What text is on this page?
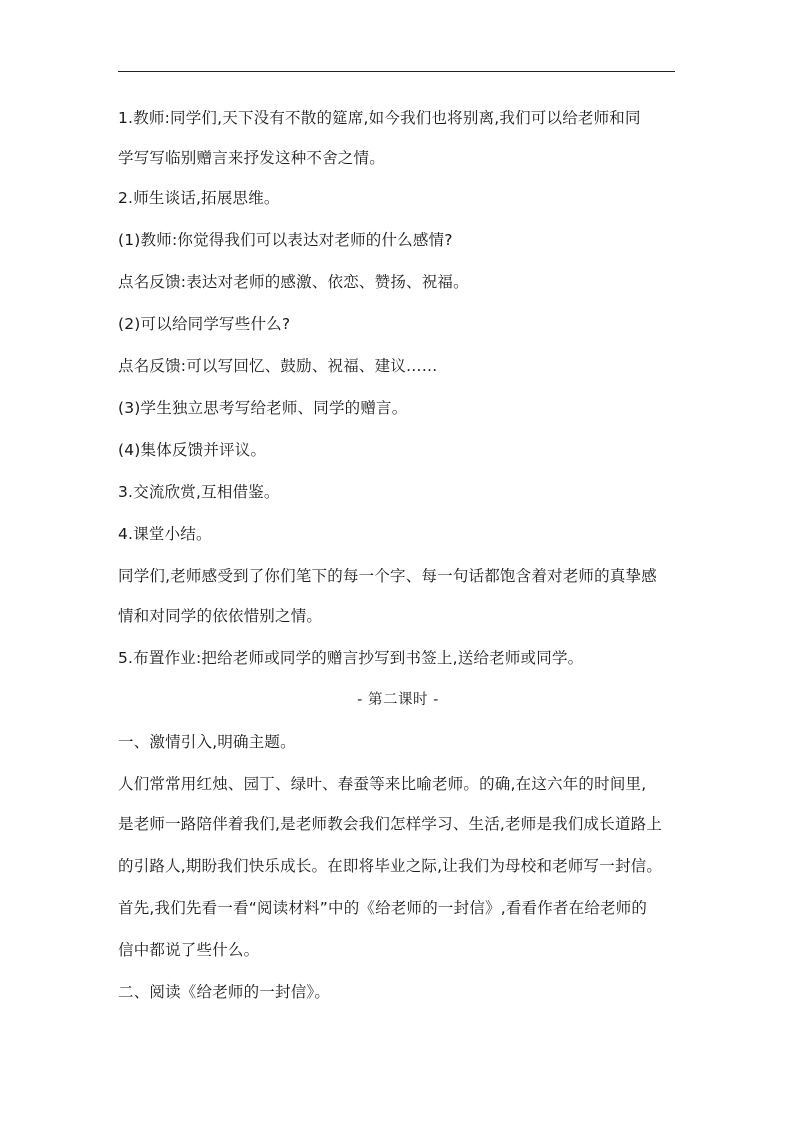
1.教师:同学们,天下没有不散的筵席,如今我们也将别离,我们可以给老师和同
学写写临别赠言来抒发这种不舍之情。
2.师生谈话,拓展思维。
(1)教师:你觉得我们可以表达对老师的什么感情?
点名反馈:表达对老师的感激、依恋、赞扬、祝福。
(2)可以给同学写些什么?
点名反馈:可以写回忆、鼓励、祝福、建议……
(3)学生独立思考写给老师、同学的赠言。
(4)集体反馈并评议。
3.交流欣赏,互相借鉴。
4.课堂小结。
同学们,老师感受到了你们笔下的每一个字、每一句话都饱含着对老师的真挚感
情和对同学的依依惜别之情。
5.布置作业:把给老师或同学的赠言抄写到书签上,送给老师或同学。
- 第二课时 -
一、激情引入,明确主题。
人们常常用红烛、园丁、绿叶、春蚕等来比喻老师。的确,在这六年的时间里,
是老师一路陪伴着我们,是老师教会我们怎样学习、生活,老师是我们成长道路上
的引路人,期盼我们快乐成长。在即将毕业之际,让我们为母校和老师写一封信。
首先,我们先看一看“阅读材料”中的《给老师的一封信》,看看作者在给老师的
信中都说了些什么。
二、阅读《给老师的一封信》。
